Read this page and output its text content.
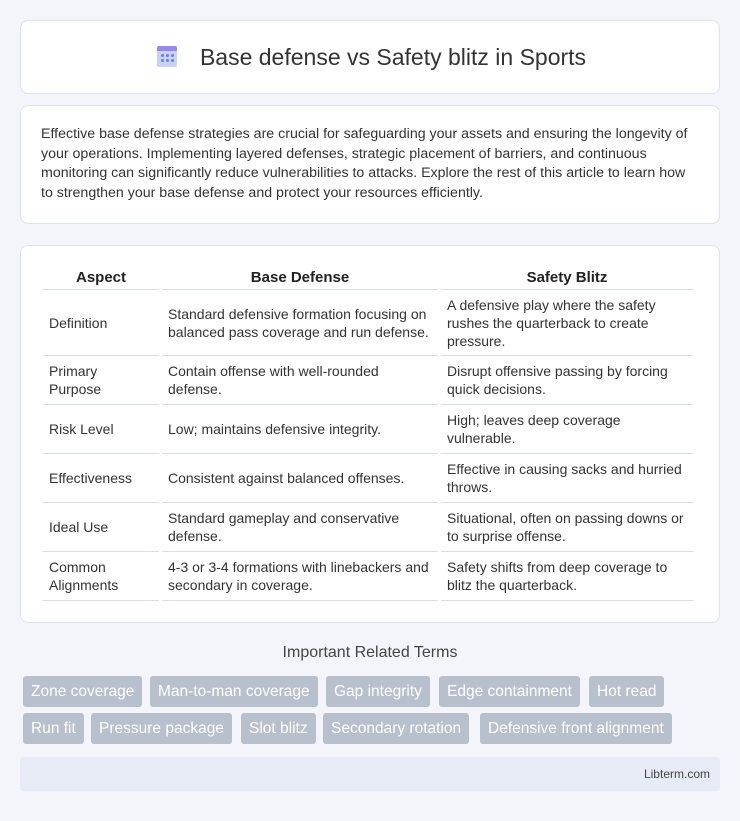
Base defense vs Safety blitz in Sports

Effective base defense strategies are crucial for safeguarding your assets and ensuring the longevity of your operations. Implementing layered defenses, strategic placement of barriers, and continuous monitoring can significantly reduce vulnerabilities to attacks. Explore the rest of this article to learn how to strengthen your base defense and protect your resources efficiently.

Aspect	Base Defense	Safety Blitz
Definition	Standard defensive formation focusing on balanced pass coverage and run defense.	A defensive play where the safety rushes the quarterback to create pressure.
Primary Purpose	Contain offense with well-rounded defense.	Disrupt offensive passing by forcing quick decisions.
Risk Level	Low; maintains defensive integrity.	High; leaves deep coverage vulnerable.
Effectiveness	Consistent against balanced offenses.	Effective in causing sacks and hurried throws.
Ideal Use	Standard gameplay and conservative defense.	Situational, often on passing downs or to surprise offense.
Common Alignments	4-3 or 3-4 formations with linebackers and secondary in coverage.	Safety shifts from deep coverage to blitz the quarterback.
Important Related Terms
Zone coverage	Man-to-man coverage	Gap integrity	Edge containment	Hot read
Run fit	Pressure package	Slot blitz	Secondary rotation	Defensive front alignment
Libterm.com
